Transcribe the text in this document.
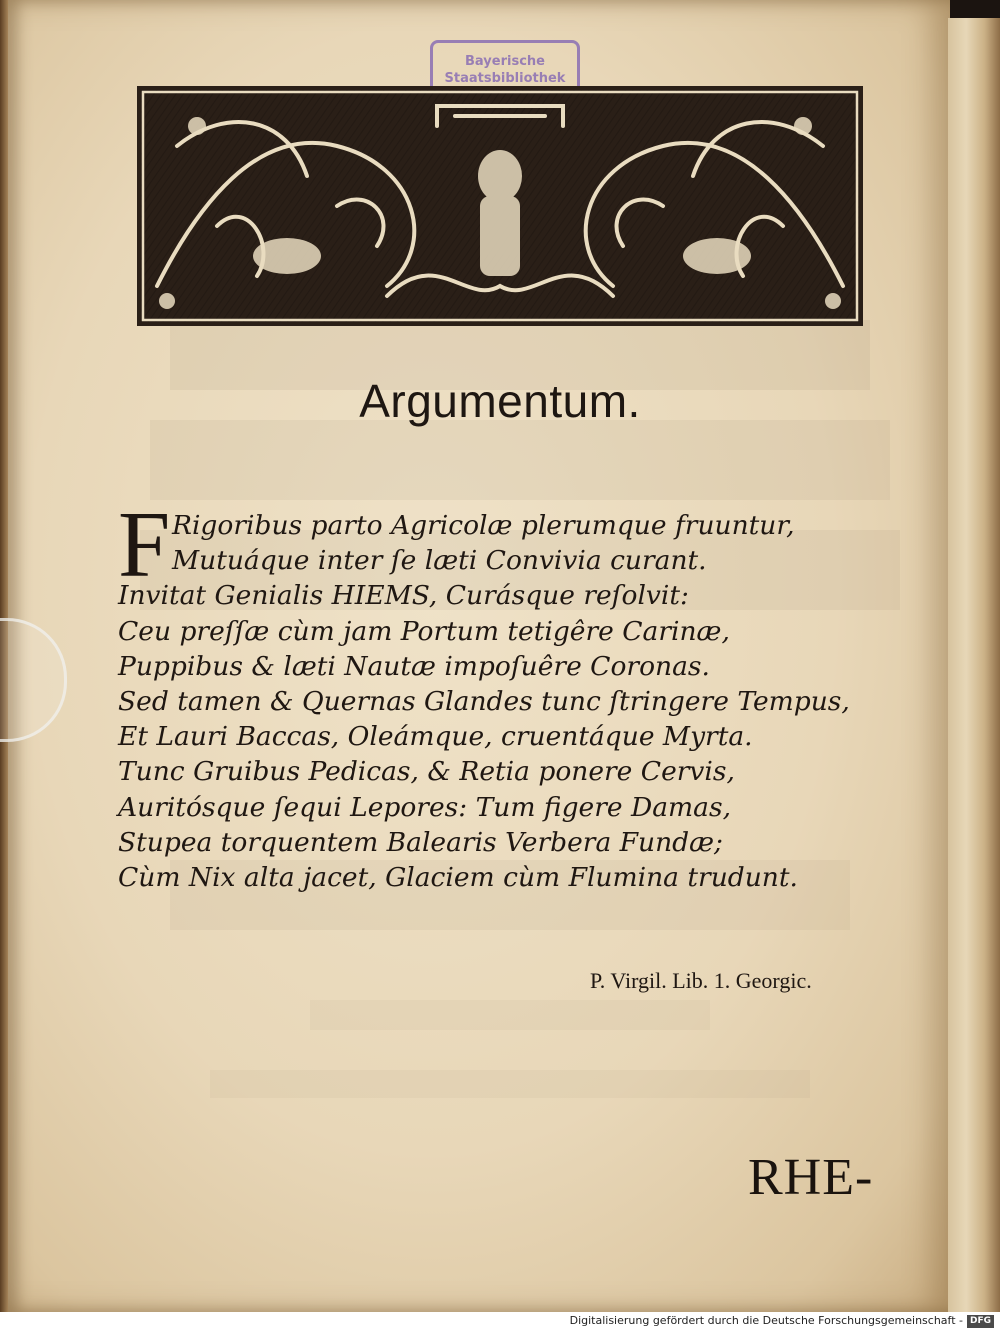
Bayerische
Staatsbibliothek
Argumentum.
F Rigoribus parto Agricolæ plerumque fruuntur,
Mutuáque inter ſe læti Convivia curant.
Invitat Genialis HIEMS, Curásque reſolvit:
Ceu preſſæ cùm jam Portum tetigêre Carinæ,
Puppibus & læti Nautæ impoſuêre Coronas.
Sed tamen & Quernas Glandes tunc ſtringere Tempus,
Et Lauri Baccas, Oleámque, cruentáque Myrta.
Tunc Gruibus Pedicas, & Retia ponere Cervis,
Auritósque ſequi Lepores: Tum figere Damas,
Stupea torquentem Balearis Verbera Fundæ;
Cùm Nix alta jacet, Glaciem cùm Flumina trudunt.
P. Virgil. Lib. 1. Georgic.
RHE-
Digitalisierung gefördert durch die Deutsche Forschungsgemeinschaft - DFG
